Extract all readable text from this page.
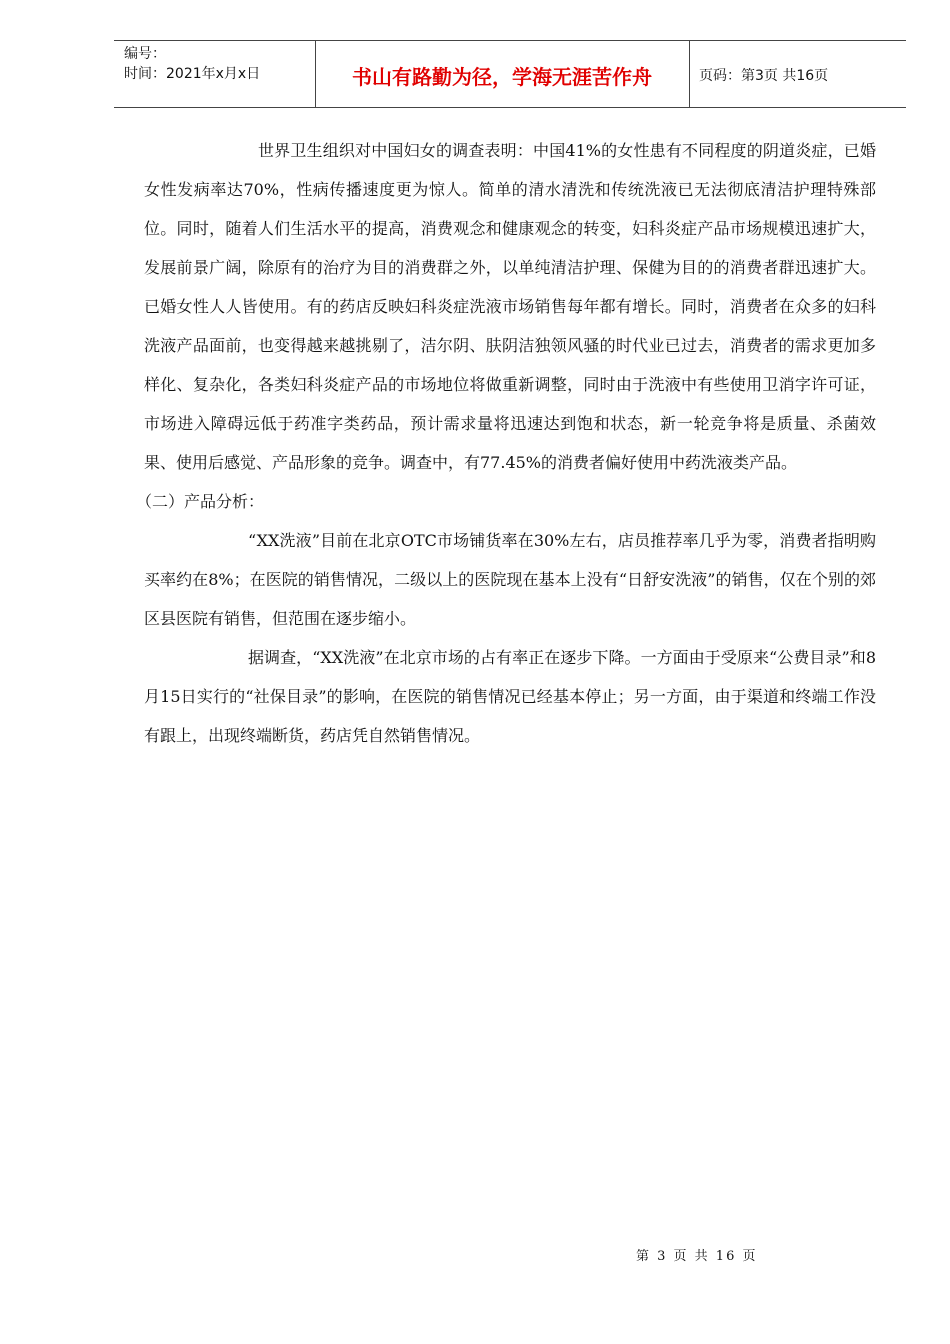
编号：
时间：2021年x月x日	书山有路勤为径，学海无涯苦作舟	页码：第3页 共16页

世界卫生组织对中国妇女的调查表明：中国41%的女性患有不同程度的阴道炎症，已婚女性发病率达70%，性病传播速度更为惊人。简单的清水清洗和传统洗液已无法彻底清洁护理特殊部位。同时，随着人们生活水平的提高，消费观念和健康观念的转变，妇科炎症产品市场规模迅速扩大，发展前景广阔，除原有的治疗为目的消费群之外，以单纯清洁护理、保健为目的的消费者群迅速扩大。已婚女性人人皆使用。有的药店反映妇科炎症洗液市场销售每年都有增长。同时，消费者在众多的妇科洗液产品面前，也变得越来越挑剔了，洁尔阴、肤阴洁独领风骚的时代业已过去，消费者的需求更加多样化、复杂化，各类妇科炎症产品的市场地位将做重新调整，同时由于洗液中有些使用卫消字许可证，市场进入障碍远低于药准字类药品，预计需求量将迅速达到饱和状态，新一轮竞争将是质量、杀菌效果、使用后感觉、产品形象的竞争。调查中，有77.45%的消费者偏好使用中药洗液类产品。

（二）产品分析：

“XX洗液”目前在北京OTC市场铺货率在30%左右，店员推荐率几乎为零，消费者指明购买率约在8%；在医院的销售情况，二级以上的医院现在基本上没有“日舒安洗液”的销售，仅在个别的郊区县医院有销售，但范围在逐步缩小。

据调查，“XX洗液”在北京市场的占有率正在逐步下降。一方面由于受原来“公费目录”和8月15日实行的“社保目录”的影响，在医院的销售情况已经基本停止；另一方面，由于渠道和终端工作没有跟上，出现终端断货，药店凭自然销售情况。

第 3 页 共 16 页
